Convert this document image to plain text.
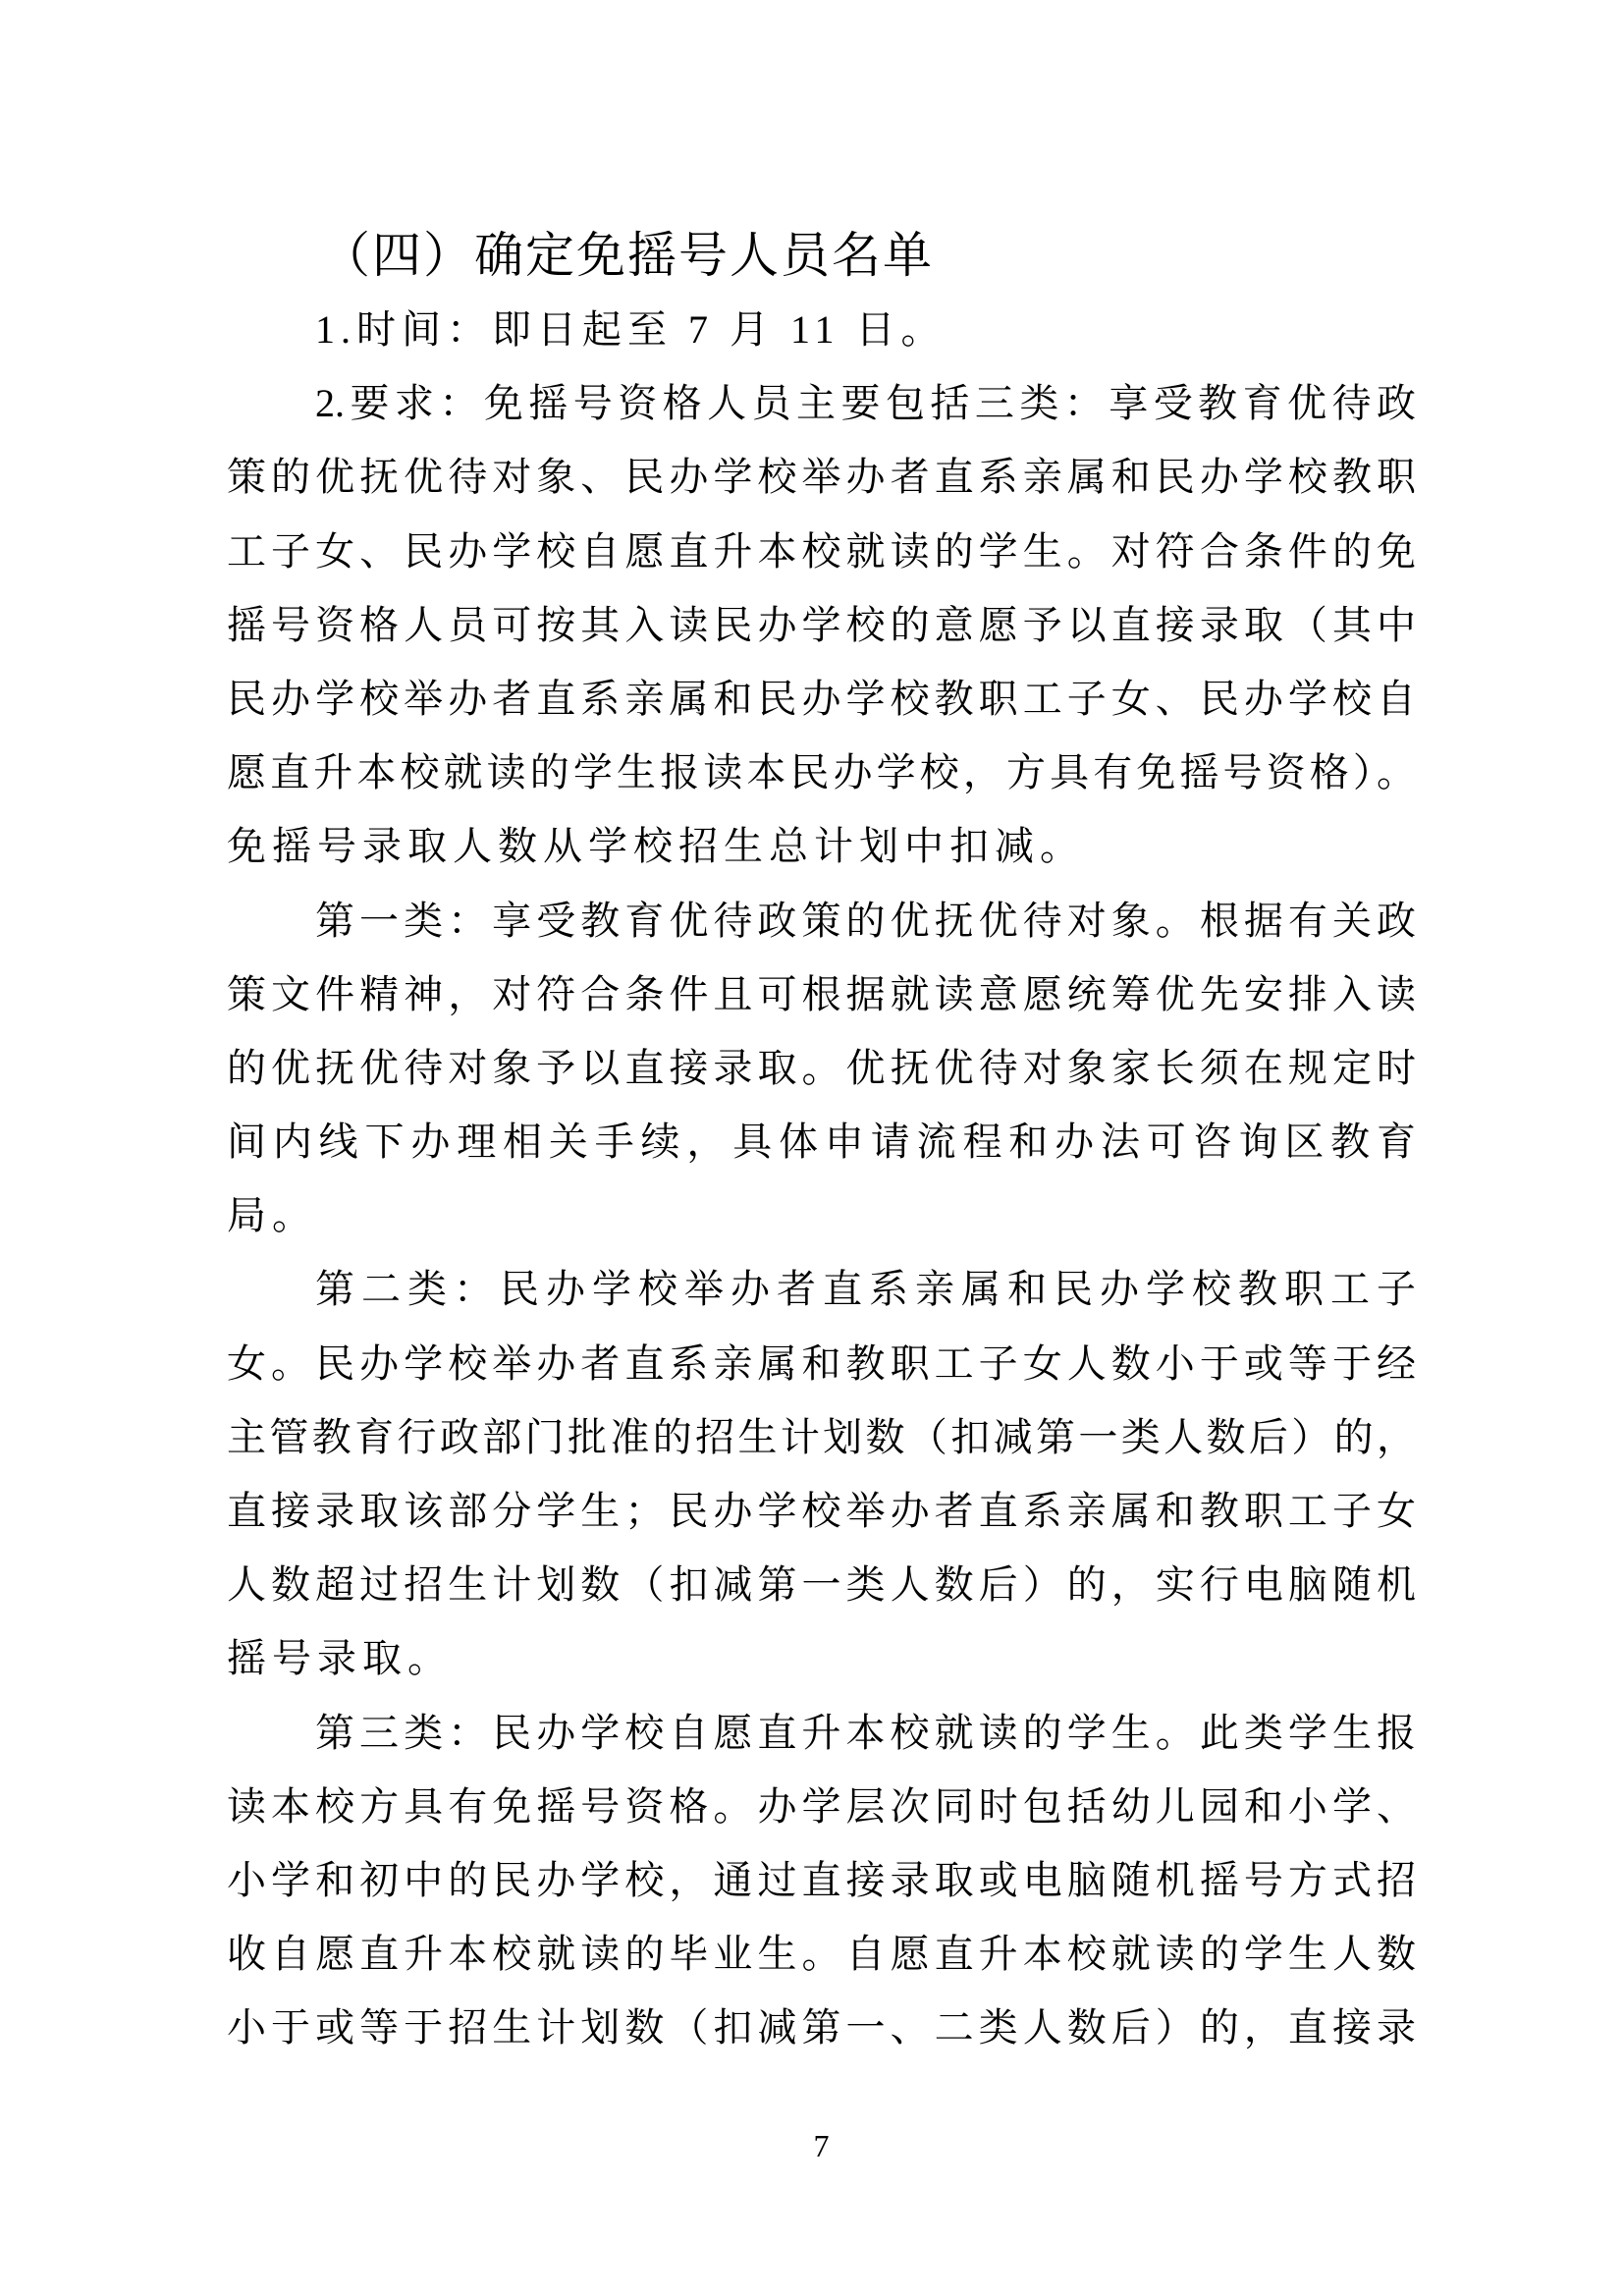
（四）确定免摇号人员名单
1.时间：即日起至 7 月 11 日。
2.要求：免摇号资格人员主要包括三类：享受教育优待政
策的优抚优待对象、民办学校举办者直系亲属和民办学校教职
工子女、民办学校自愿直升本校就读的学生。对符合条件的免
摇号资格人员可按其入读民办学校的意愿予以直接录取（其中
民办学校举办者直系亲属和民办学校教职工子女、民办学校自
愿直升本校就读的学生报读本民办学校，方具有免摇号资格）。
免摇号录取人数从学校招生总计划中扣减。
第一类：享受教育优待政策的优抚优待对象。根据有关政
策文件精神，对符合条件且可根据就读意愿统筹优先安排入读
的优抚优待对象予以直接录取。优抚优待对象家长须在规定时
间内线下办理相关手续，具体申请流程和办法可咨询区教育
局。
第二类：民办学校举办者直系亲属和民办学校教职工子
女。民办学校举办者直系亲属和教职工子女人数小于或等于经
主管教育行政部门批准的招生计划数（扣减第一类人数后）的，
直接录取该部分学生；民办学校举办者直系亲属和教职工子女
人数超过招生计划数（扣减第一类人数后）的，实行电脑随机
摇号录取。
第三类：民办学校自愿直升本校就读的学生。此类学生报
读本校方具有免摇号资格。办学层次同时包括幼儿园和小学、
小学和初中的民办学校，通过直接录取或电脑随机摇号方式招
收自愿直升本校就读的毕业生。自愿直升本校就读的学生人数
小于或等于招生计划数（扣减第一、二类人数后）的，直接录
7
